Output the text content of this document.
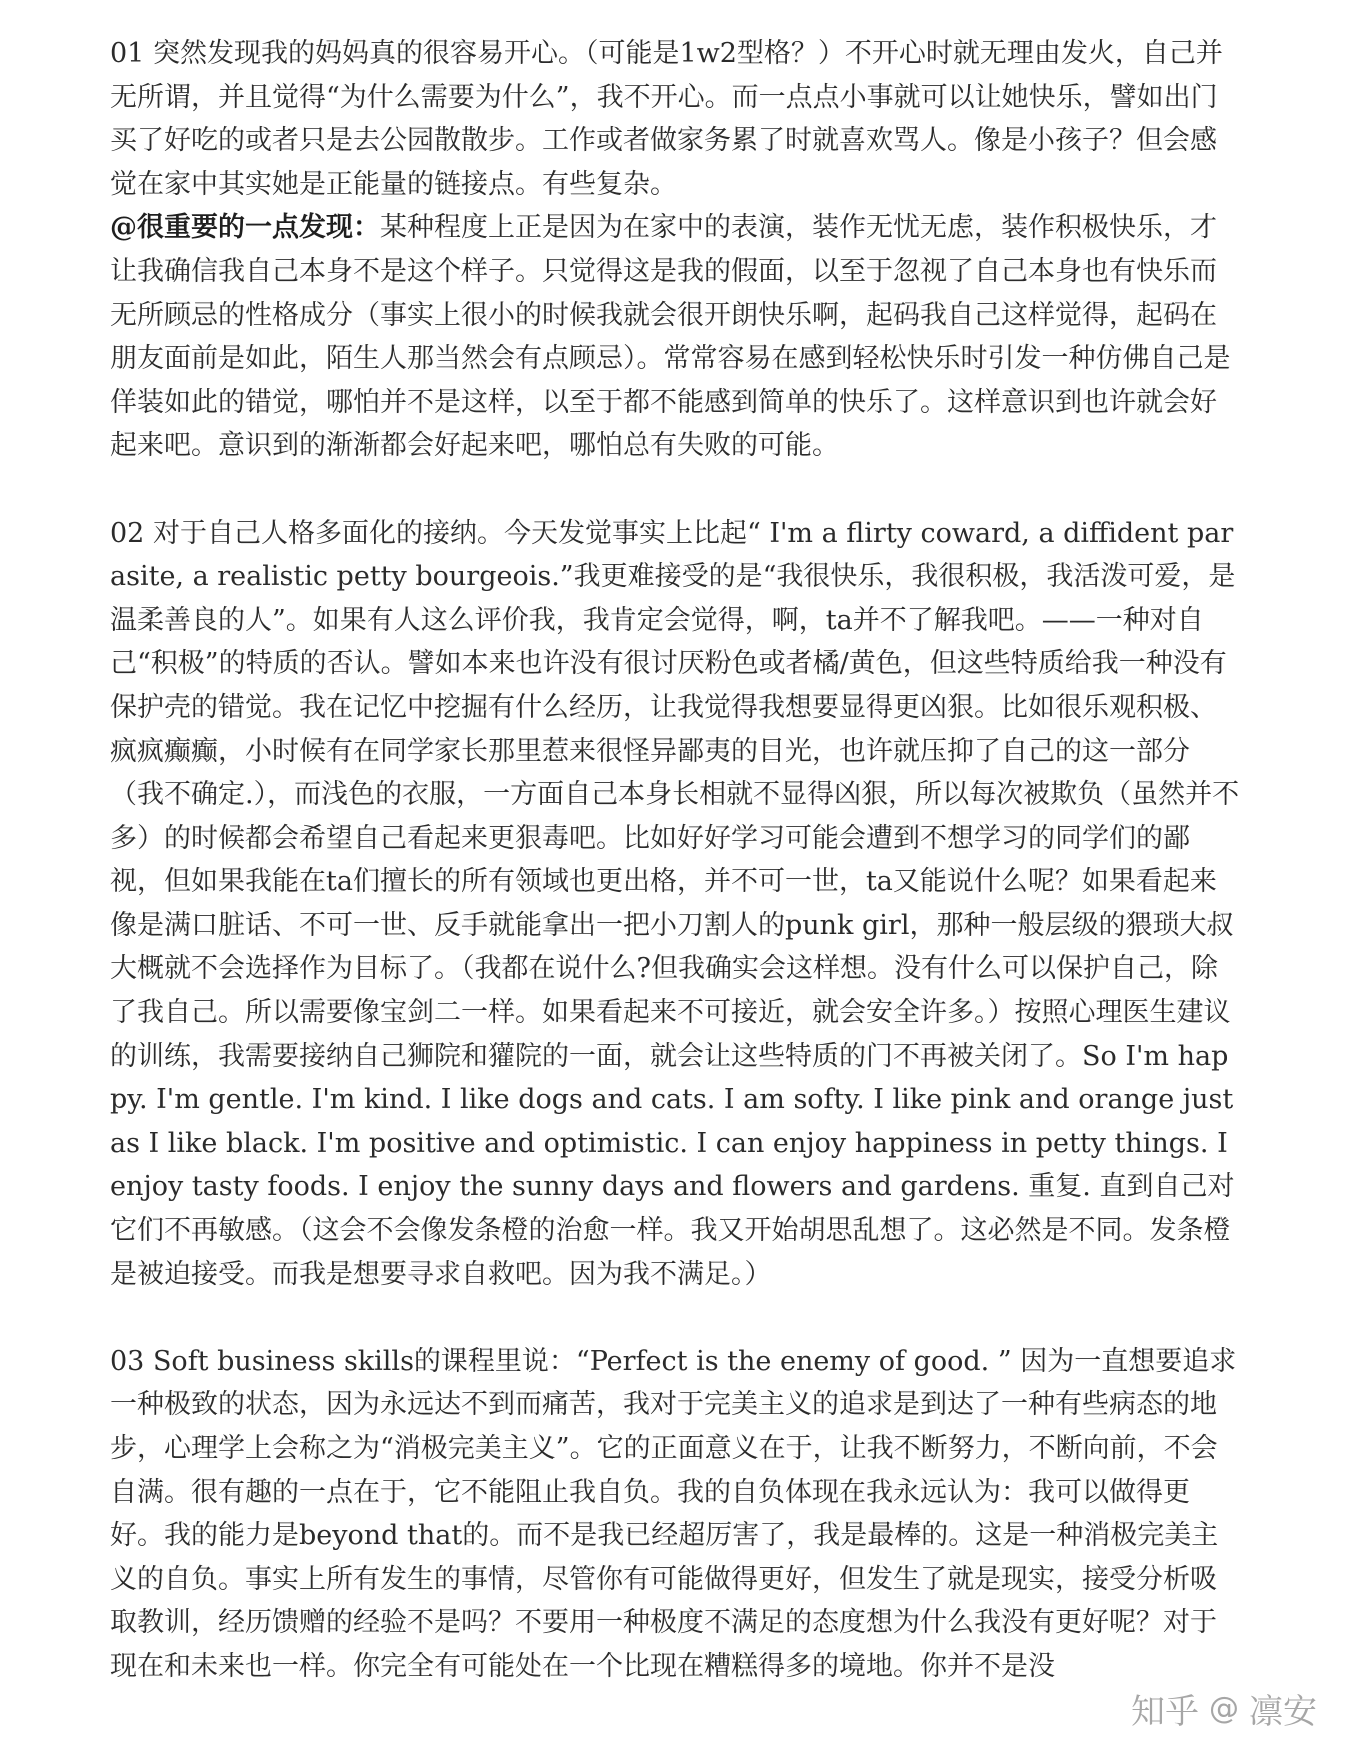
01 突然发现我的妈妈真的很容易开心。（可能是1w2型格？）不开心时就无理由发火，自己并无所谓，并且觉得“为什么需要为什么”，我不开心。而一点点小事就可以让她快乐，譬如出门买了好吃的或者只是去公园散散步。工作或者做家务累了时就喜欢骂人。像是小孩子？但会感觉在家中其实她是正能量的链接点。有些复杂。
@很重要的一点发现：某种程度上正是因为在家中的表演，装作无忧无虑，装作积极快乐，才让我确信我自己本身不是这个样子。只觉得这是我的假面，以至于忽视了自己本身也有快乐而无所顾忌的性格成分（事实上很小的时候我就会很开朗快乐啊，起码我自己这样觉得，起码在朋友面前是如此，陌生人那当然会有点顾忌）。常常容易在感到轻松快乐时引发一种仿佛自己是佯装如此的错觉，哪怕并不是这样，以至于都不能感到简单的快乐了。这样意识到也许就会好起来吧。意识到的渐渐都会好起来吧，哪怕总有失败的可能。

02 对于自己人格多面化的接纳。今天发觉事实上比起“ I'm a flirty coward, a diffident parasite, a realistic petty bourgeois.”我更难接受的是“我很快乐，我很积极，我活泼可爱，是温柔善良的人”。如果有人这么评价我，我肯定会觉得，啊，ta并不了解我吧。——一种对自己“积极”的特质的否认。譬如本来也许没有很讨厌粉色或者橘/黄色，但这些特质给我一种没有保护壳的错觉。我在记忆中挖掘有什么经历，让我觉得我想要显得更凶狠。比如很乐观积极、疯疯癫癫，小时候有在同学家长那里惹来很怪异鄙夷的目光，也许就压抑了自己的这一部分（我不确定.），而浅色的衣服，一方面自己本身长相就不显得凶狠，所以每次被欺负（虽然并不多）的时候都会希望自己看起来更狠毒吧。比如好好学习可能会遭到不想学习的同学们的鄙视，但如果我能在ta们擅长的所有领域也更出格，并不可一世，ta又能说什么呢？如果看起来像是满口脏话、不可一世、反手就能拿出一把小刀割人的punk girl，那种一般层级的猥琐大叔大概就不会选择作为目标了。（我都在说什么?但我确实会这样想。没有什么可以保护自己，除了我自己。所以需要像宝剑二一样。如果看起来不可接近，就会安全许多。）按照心理医生建议的训练，我需要接纳自己狮院和獾院的一面，就会让这些特质的门不再被关闭了。So I'm happy. I'm gentle. I'm kind. I like dogs and cats. I am softy. I like pink and orange just as I like black. I'm positive and optimistic. I can enjoy happiness in petty things. I enjoy tasty foods. I enjoy the sunny days and flowers and gardens. 重复. 直到自己对它们不再敏感。（这会不会像发条橙的治愈一样。我又开始胡思乱想了。这必然是不同。发条橙是被迫接受。而我是想要寻求自救吧。因为我不满足。）

03 Soft business skills的课程里说：“Perfect is the enemy of good. ” 因为一直想要追求一种极致的状态，因为永远达不到而痛苦，我对于完美主义的追求是到达了一种有些病态的地步，心理学上会称之为“消极完美主义”。它的正面意义在于，让我不断努力，不断向前，不会自满。很有趣的一点在于，它不能阻止我自负。我的自负体现在我永远认为：我可以做得更好。我的能力是beyond that的。而不是我已经超厉害了，我是最棒的。这是一种消极完美主义的自负。事实上所有发生的事情，尽管你有可能做得更好，但发生了就是现实，接受分析吸取教训，经历馈赠的经验不是吗？不要用一种极度不满足的态度想为什么我没有更好呢？对于现在和未来也一样。你完全有可能处在一个比现在糟糕得多的境地。你并不是没

知乎 @ 凛安
